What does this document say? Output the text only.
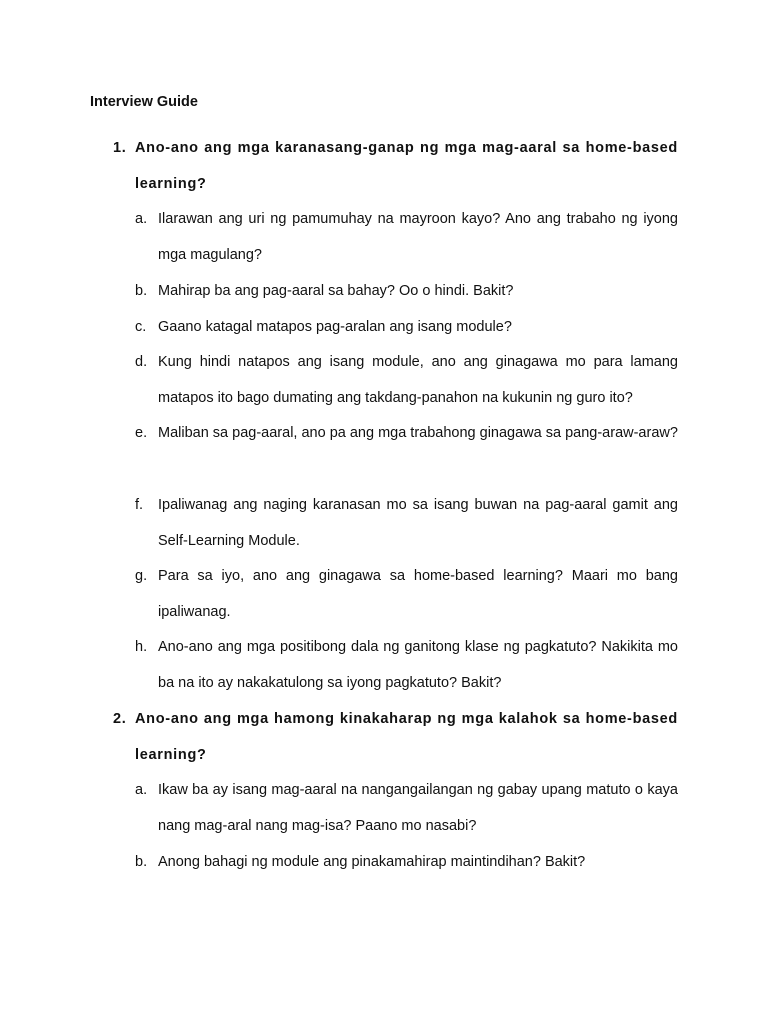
Interview Guide
1. Ano-ano ang mga karanasang-ganap ng mga mag-aaral sa home-based learning?
a. Ilarawan ang uri ng pamumuhay na mayroon kayo? Ano ang trabaho ng iyong mga magulang?
b. Mahirap ba ang pag-aaral sa bahay? Oo o hindi. Bakit?
c. Gaano katagal matapos pag-aralan ang isang module?
d. Kung hindi natapos ang isang module, ano ang ginagawa mo para lamang matapos ito bago dumating ang takdang-panahon na kukunin ng guro ito?
e. Maliban sa pag-aaral, ano pa ang mga trabahong ginagawa sa pang-araw-araw?
f. Ipaliwanag ang naging karanasan mo sa isang buwan na pag-aaral gamit ang Self-Learning Module.
g. Para sa iyo, ano ang ginagawa sa home-based learning? Maari mo bang ipaliwanag.
h. Ano-ano ang mga positibong dala ng ganitong klase ng pagkatuto? Nakikita mo ba na ito ay nakakatulong sa iyong pagkatuto? Bakit?
2. Ano-ano ang mga hamong kinakaharap ng mga kalahok sa home-based learning?
a. Ikaw ba ay isang mag-aaral na nangangailangan ng gabay upang matuto o kaya nang mag-aral nang mag-isa? Paano mo nasabi?
b. Anong bahagi ng module ang pinakamahirap maintindihan? Bakit?
